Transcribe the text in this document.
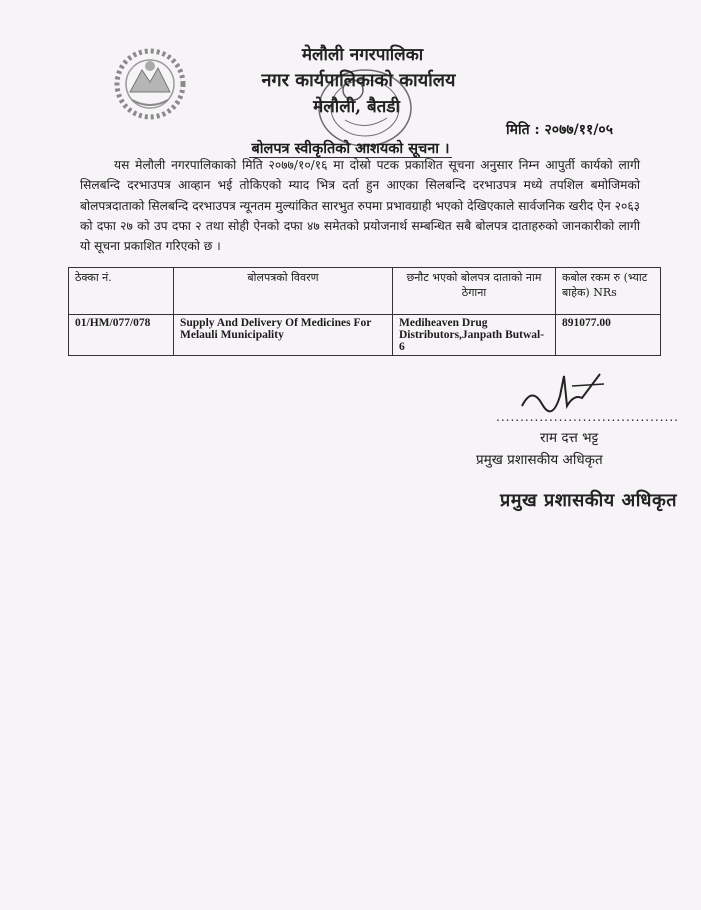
मेलौली नगरपालिका
नगर कार्यपालिकाको कार्यालय
मेलौली, बैतडी
मिति : २०७७/११/०५
बोलपत्र स्वीकृतिको आशयको सूचना ।
यस मेलौली नगरपालिकाको मिति २०७७/१०/१६ मा दोस्रो पटक प्रकाशित सूचना अनुसार निम्न आपुर्ती कार्यको लागी सिलबन्दि दरभाउपत्र आव्हान भई तोकिएको म्याद भित्र दर्ता हुन आएका सिलबन्दि दरभाउपत्र मध्ये तपशिल बमोजिमको बोलपत्रदाताको सिलबन्दि दरभाउपत्र न्यूनतम मुल्यांकित सारभुत रुपमा प्रभावग्राही भएको देखिएकाले सार्वजनिक खरीद ऐन २०६३ को दफा २७ को उप दफा २ तथा सोही ऐनको दफा ४७ समेतको प्रयोजनार्थ सम्बन्धित सबै बोलपत्र दाताहरुको जानकारीको लागी यो सूचना प्रकाशित गरिएको छ ।
ठेक्का नं.	बोलपत्रको विवरण	छनौट भएको बोलपत्र दाताको नाम ठेगाना	कबोल रकम रु (भ्याट बाहेक) NRs
01/HM/077/078	Supply And Delivery Of Medicines For Melauli Municipality	Mediheaven Drug Distributors,Janpath Butwal-6	891077.00
......................................
राम दत्त भट्ट
प्रमुख प्रशासकीय अधिकृत
प्रमुख प्रशासकीय अधिकृत
